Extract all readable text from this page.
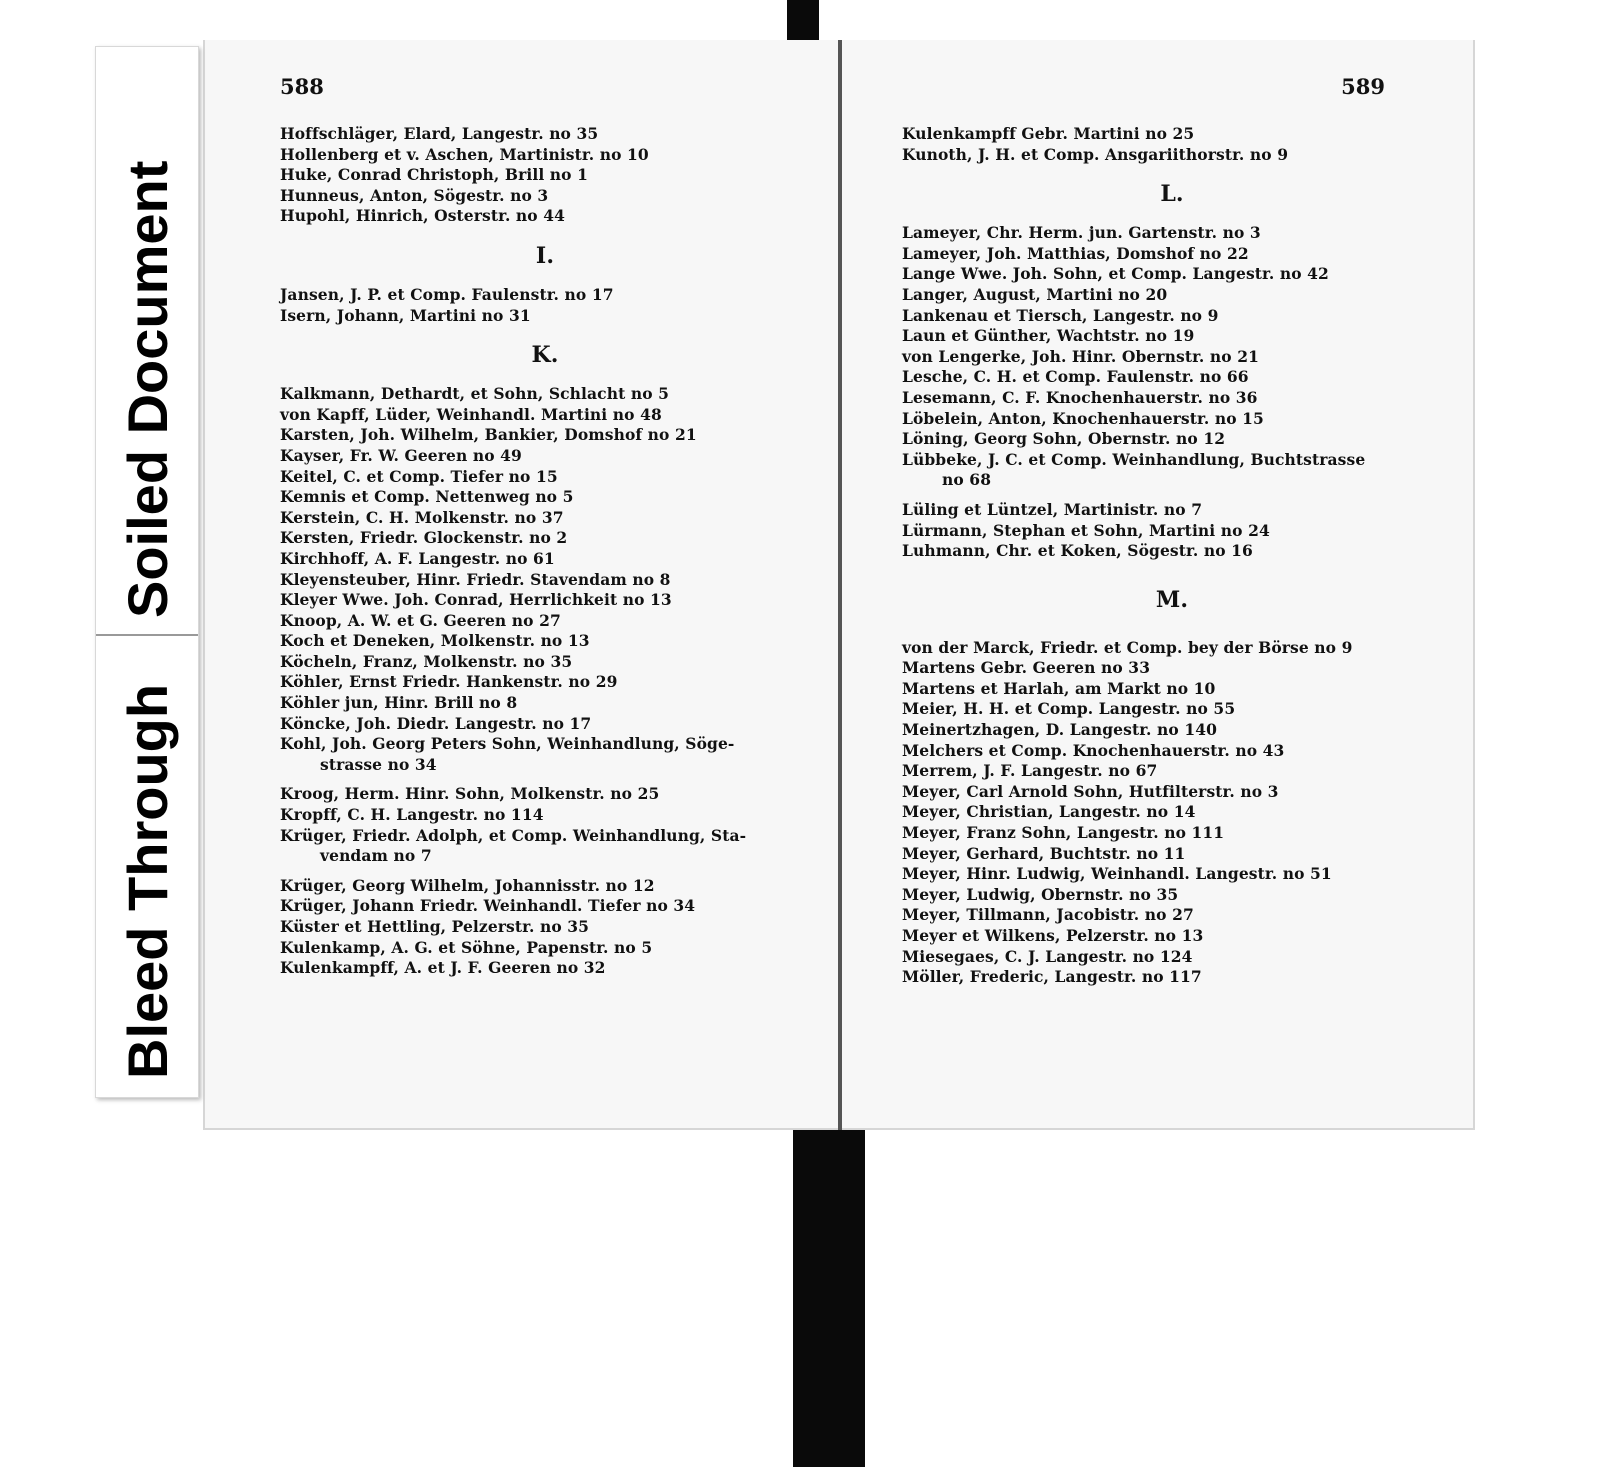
588
Hoffschläger, Elard, Langestr. no 35
Hollenberg et v. Aschen, Martinistr. no 10
Huke, Conrad Christoph, Brill no 1
Hunneus, Anton, Sögestr. no 3
Hupohl, Hinrich, Osterstr. no 44
I.
Jansen, J. P. et Comp. Faulenstr. no 17
Isern, Johann, Martini no 31
K.
Kalkmann, Dethardt, et Sohn, Schlacht no 5
von Kapff, Lüder, Weinhandl. Martini no 48
Karsten, Joh. Wilhelm, Bankier, Domshof no 21
Kayser, Fr. W. Geeren no 49
Keitel, C. et Comp. Tiefer no 15
Kemnis et Comp. Nettenweg no 5
Kerstein, C. H. Molkenstr. no 37
Kersten, Friedr. Glockenstr. no 2
Kirchhoff, A. F. Langestr. no 61
Kleyensteuber, Hinr. Friedr. Stavendam no 8
Kleyer Wwe. Joh. Conrad, Herrlichkeit no 13
Knoop, A. W. et G. Geeren no 27
Koch et Deneken, Molkenstr. no 13
Köcheln, Franz, Molkenstr. no 35
Köhler, Ernst Friedr. Hankenstr. no 29
Köhler jun, Hinr. Brill no 8
Köncke, Joh. Diedr. Langestr. no 17
Kohl, Joh. Georg Peters Sohn, Weinhandlung, Söge-
strasse no 34
Kroog, Herm. Hinr. Sohn, Molkenstr. no 25
Kropff, C. H. Langestr. no 114
Krüger, Friedr. Adolph, et Comp. Weinhandlung, Sta-
vendam no 7
Krüger, Georg Wilhelm, Johannisstr. no 12
Krüger, Johann Friedr. Weinhandl. Tiefer no 34
Küster et Hettling, Pelzerstr. no 35
Kulenkamp, A. G. et Söhne, Papenstr. no 5
Kulenkampff, A. et J. F. Geeren no 32
589
Kulenkampff Gebr. Martini no 25
Kunoth, J. H. et Comp. Ansgariithorstr. no 9
L.
Lameyer, Chr. Herm. jun. Gartenstr. no 3
Lameyer, Joh. Matthias, Domshof no 22
Lange Wwe. Joh. Sohn, et Comp. Langestr. no 42
Langer, August, Martini no 20
Lankenau et Tiersch, Langestr. no 9
Laun et Günther, Wachtstr. no 19
von Lengerke, Joh. Hinr. Obernstr. no 21
Lesche, C. H. et Comp. Faulenstr. no 66
Lesemann, C. F. Knochenhauerstr. no 36
Löbelein, Anton, Knochenhauerstr. no 15
Löning, Georg Sohn, Obernstr. no 12
Lübbeke, J. C. et Comp. Weinhandlung, Buchtstrasse
no 68
Lüling et Lüntzel, Martinistr. no 7
Lürmann, Stephan et Sohn, Martini no 24
Luhmann, Chr. et Koken, Sögestr. no 16
M.
von der Marck, Friedr. et Comp. bey der Börse no 9
Martens Gebr. Geeren no 33
Martens et Harlah, am Markt no 10
Meier, H. H. et Comp. Langestr. no 55
Meinertzhagen, D. Langestr. no 140
Melchers et Comp. Knochenhauerstr. no 43
Merrem, J. F. Langestr. no 67
Meyer, Carl Arnold Sohn, Hutfilterstr. no 3
Meyer, Christian, Langestr. no 14
Meyer, Franz Sohn, Langestr. no 111
Meyer, Gerhard, Buchtstr. no 11
Meyer, Hinr. Ludwig, Weinhandl. Langestr. no 51
Meyer, Ludwig, Obernstr. no 35
Meyer, Tillmann, Jacobistr. no 27
Meyer et Wilkens, Pelzerstr. no 13
Miesegaes, C. J. Langestr. no 124
Möller, Frederic, Langestr. no 117
Bleed Through
Soiled Document
